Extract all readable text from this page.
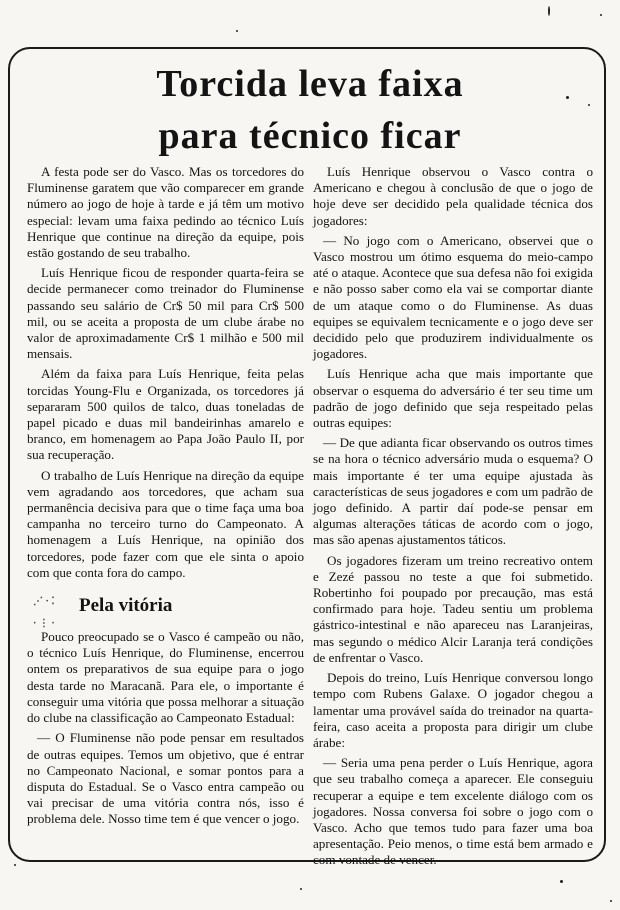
Torcida leva faixa
para técnico ficar

A festa pode ser do Vasco. Mas os torcedores do Fluminense garatem que vão comparecer em grande número ao jogo de hoje à tarde e já têm um motivo especial: levam uma faixa pedindo ao técnico Luís Henrique que continue na direção da equipe, pois estão gostando de seu trabalho.

Luís Henrique ficou de responder quarta-feira se decide permanecer como treinador do Fluminense passando seu salário de Cr$ 50 mil para Cr$ 500 mil, ou se aceita a proposta de um clube árabe no valor de aproximadamente Cr$ 1 milhão e 500 mil mensais.

Além da faixa para Luís Henrique, feita pelas torcidas Young-Flu e Organizada, os torcedores já separaram 500 quilos de talco, duas toneladas de papel picado e duas mil bandeirinhas amarelo e branco, em homenagem ao Papa João Paulo II, por sua recuperação.

O trabalho de Luís Henrique na direção da equipe vem agradando aos torcedores, que acham sua permanência decisiva para que o time faça uma boa campanha no terceiro turno do Campeonato. A homenagem a Luís Henrique, na opinião dos torcedores, pode fazer com que ele sinta o apoio com que conta fora do campo.

⋰ · ⁚
· ⋮ ·
Pela vitória

Pouco preocupado se o Vasco é campeão ou não, o técnico Luís Henrique, do Fluminense, encerrou ontem os preparativos de sua equipe para o jogo desta tarde no Maracanã. Para ele, o importante é conseguir uma vitória que possa melhorar a situação do clube na classificação ao Campeonato Estadual:

— O Fluminense não pode pensar em resultados de outras equipes. Temos um objetivo, que é entrar no Campeonato Nacional, e somar pontos para a disputa do Estadual. Se o Vasco entra campeão ou vai precisar de uma vitória contra nós, isso é problema dele. Nosso time tem é que vencer o jogo.

Luís Henrique observou o Vasco contra o Americano e chegou à conclusão de que o jogo de hoje deve ser decidido pela qualidade técnica dos jogadores:

— No jogo com o Americano, observei que o Vasco mostrou um ótimo esquema do meio-campo até o ataque. Acontece que sua defesa não foi exigida e não posso saber como ela vai se comportar diante de um ataque como o do Fluminense. As duas equipes se equivalem tecnicamente e o jogo deve ser decidido pelo que produzirem individualmente os jogadores.

Luís Henrique acha que mais importante que observar o esquema do adversário é ter seu time um padrão de jogo definido que seja respeitado pelas outras equipes:

— De que adianta ficar observando os outros times se na hora o técnico adversário muda o esquema? O mais importante é ter uma equipe ajustada às características de seus jogadores e com um padrão de jogo definido. A partir daí pode-se pensar em algumas alterações táticas de acordo com o jogo, mas são apenas ajustamentos táticos.

Os jogadores fizeram um treino recreativo ontem e Zezé passou no teste a que foi submetido. Robertinho foi poupado por precaução, mas está confirmado para hoje. Tadeu sentiu um problema gástrico-intestinal e não apareceu nas Laranjeiras, mas segundo o médico Alcir Laranja terá condições de enfrentar o Vasco.

Depois do treino, Luís Henrique conversou longo tempo com Rubens Galaxe. O jogador chegou a lamentar uma provável saída do treinador na quarta-feira, caso aceita a proposta para dirigir um clube árabe:

— Seria uma pena perder o Luís Henrique, agora que seu trabalho começa a aparecer. Ele conseguiu recuperar a equipe e tem excelente diálogo com os jogadores. Nossa conversa foi sobre o jogo com o Vasco. Acho que temos tudo para fazer uma boa apresentação. Peio menos, o time está bem armado e com vontade de vencer.
